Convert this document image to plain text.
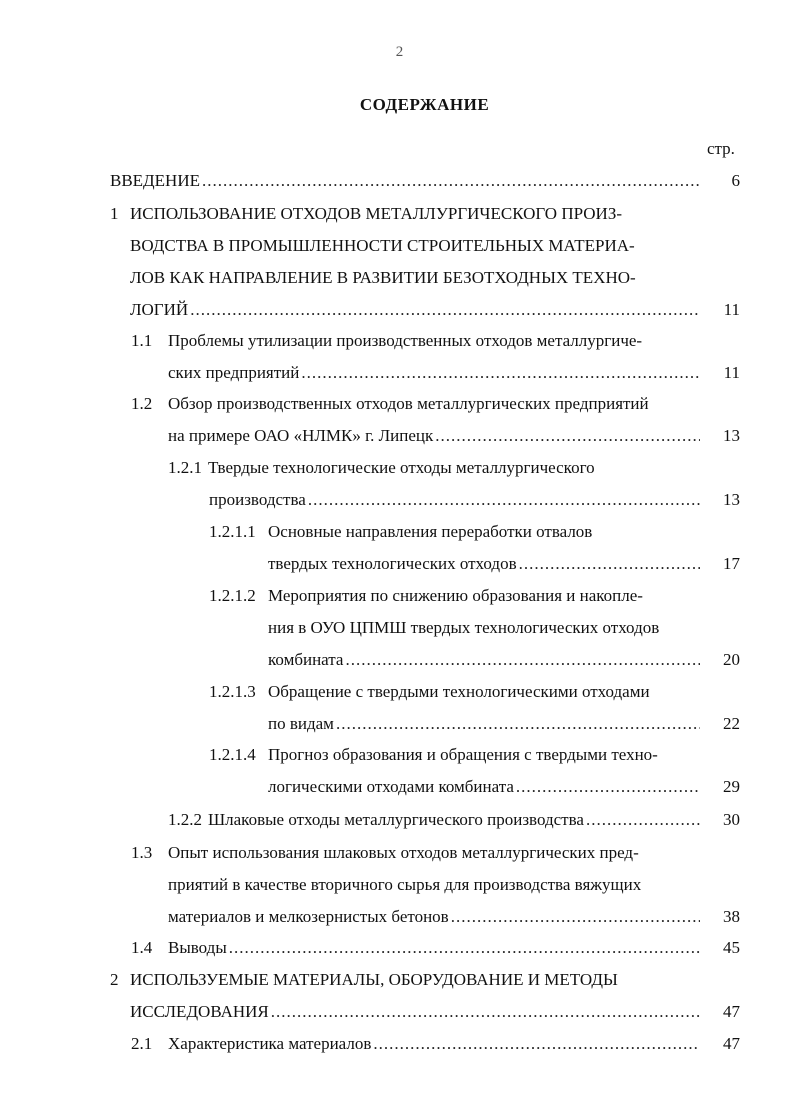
2
СОДЕРЖАНИЕ
стр.
ВВЕДЕНИЕ .....	6
1 ИСПОЛЬЗОВАНИЕ ОТХОДОВ МЕТАЛЛУРГИЧЕСКОГО ПРОИЗ-
ВОДСТВА В ПРОМЫШЛЕННОСТИ СТРОИТЕЛЬНЫХ МАТЕРИА-
ЛОВ КАК НАПРАВЛЕНИЕ В РАЗВИТИИ БЕЗОТХОДНЫХ ТЕХНО-
ЛОГИЙ .....	11
1.1 Проблемы утилизации производственных отходов металлургиче-
ских предприятий .....	11
1.2 Обзор производственных отходов металлургических предприятий
на примере ОАО «НЛМК» г. Липецк .....	13
1.2.1 Твердые технологические отходы металлургического
производства .....	13
1.2.1.1 Основные направления переработки отвалов
твердых технологических отходов .....	17
1.2.1.2 Мероприятия по снижению образования и накопле-
ния в ОУО ЦПМШ твердых технологических отходов
комбината .....	20
1.2.1.3 Обращение с твердыми технологическими отходами
по видам .....	22
1.2.1.4 Прогноз образования и обращения с твердыми техно-
логическими отходами комбината .....	29
1.2.2 Шлаковые отходы металлургического производства .....	30
1.3 Опыт использования шлаковых отходов металлургических пред-
приятий в качестве вторичного сырья для производства вяжущих
материалов и мелкозернистых бетонов .....	38
1.4 Выводы .....	45
2 ИСПОЛЬЗУЕМЫЕ МАТЕРИАЛЫ, ОБОРУДОВАНИЕ И МЕТОДЫ
ИССЛЕДОВАНИЯ .....	47
2.1 Характеристика материалов .....	47
